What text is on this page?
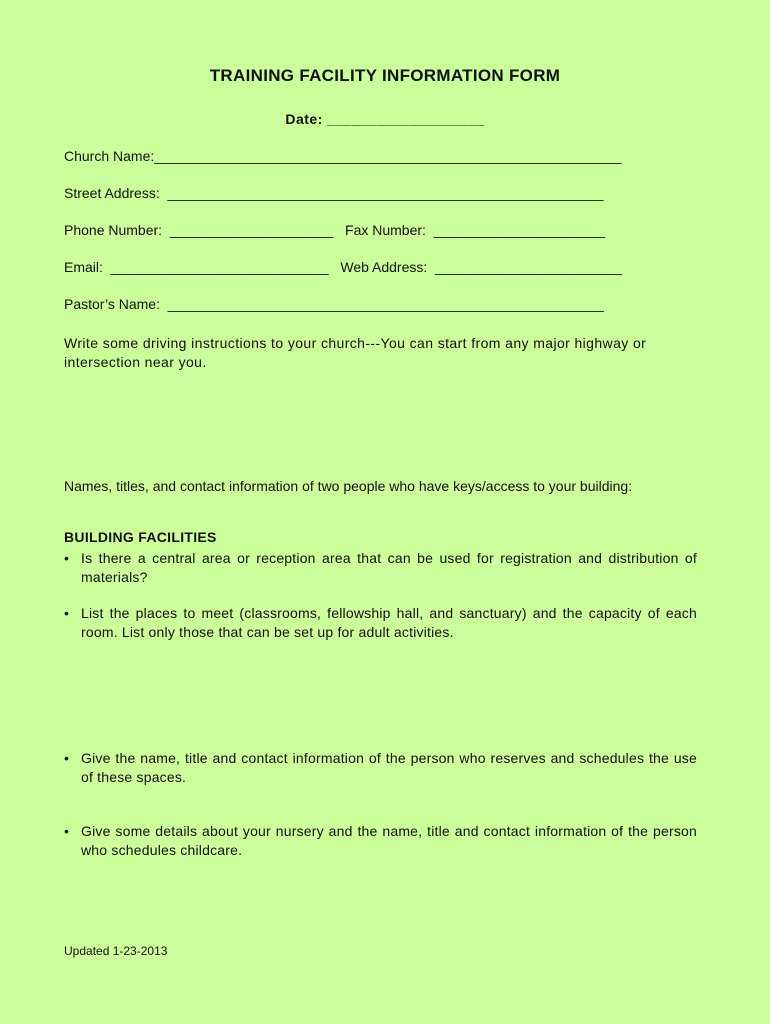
TRAINING FACILITY INFORMATION FORM
Date: ___________________
Church Name:____________________________________________________________
Street Address:  ________________________________________________________
Phone Number:  _____________________   Fax Number:  ______________________
Email:  ____________________________   Web Address:  ________________________
Pastor’s Name:  ________________________________________________________
Write some driving instructions to your church---You can start from any major highway or intersection near you.
Names, titles, and contact information of two people who have keys/access to your building:
BUILDING FACILITIES
• Is there a central area or reception area that can be used for registration and distribution of materials?
• List the places to meet (classrooms, fellowship hall, and sanctuary) and the capacity of each room. List only those that can be set up for adult activities.
• Give the name, title and contact information of the person who reserves and schedules the use of these spaces.
• Give some details about your nursery and the name, title and contact information of the person who schedules childcare.
Updated 1-23-2013
